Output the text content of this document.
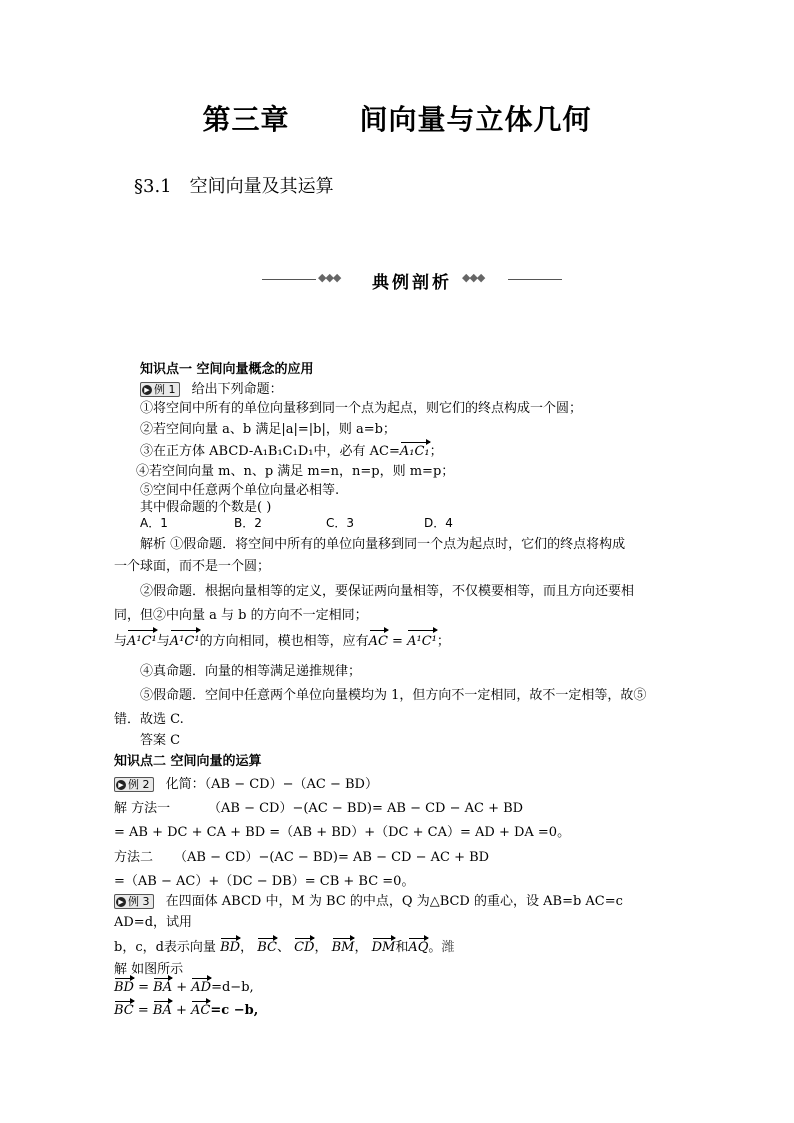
第三章	间向量与立体几何
§3.1 空间向量及其运算
◆◆◆	典例剖析 ◆◆◆
知识点一 空间向量概念的应用
▶ 例 1 给出下列命题：
①将空间中所有的单位向量移到同一个点为起点，则它们的终点构成一个圆；
②若空间向量 a、b 满足|a|=|b|，则 a=b；
③在正方体 ABCD-A₁B₁C₁D₁中，必有 AC=A₁C₁；
④若空间向量 m、n、p 满足 m=n，n=p，则 m=p；
⑤空间中任意两个单位向量必相等.
其中假命题的个数是( )
A．1	B．2	C．3	D．4
解析 ①假命题．将空间中所有的单位向量移到同一个点为起点时，它们的终点将构成
一个球面，而不是一个圆；
②假命题．根据向量相等的定义，要保证两向量相等，不仅模要相等，而且方向还要相
同，但②中向量 a 与 b 的方向不一定相同；
与A¹C¹与A¹C¹的方向相同，模也相等，应有AC = A¹C¹；
④真命题．向量的相等满足递推规律；
⑤假命题．空间中任意两个单位向量模均为 1，但方向不一定相同，故不一定相等，故⑤
错．故选 C.
答案 C
知识点二 空间向量的运算
▶ 例 2 化简：（AB − CD）−（AC − BD）
解 方法一	（AB − CD）−(AC − BD)= AB − CD − AC + BD
= AB + DC + CA + BD =（AB + BD）+（DC + CA）= AD + DA =0。
方法二 （AB − CD）−(AC − BD)= AB − CD − AC + BD
=（AB − AC）+（DC − DB）= CB + BC =0。
▶ 例 3 在四面体 ABCD 中，M 为 BC 的中点，Q 为△BCD 的重心，设 AB=b AC=c
AD=d，试用
b，c，d表示向量 BD， BC、 CD， BM， DM和AQ。潍
解 如图所示
BD = BA + AD=d−b,
BC = BA + AC=c −b,
